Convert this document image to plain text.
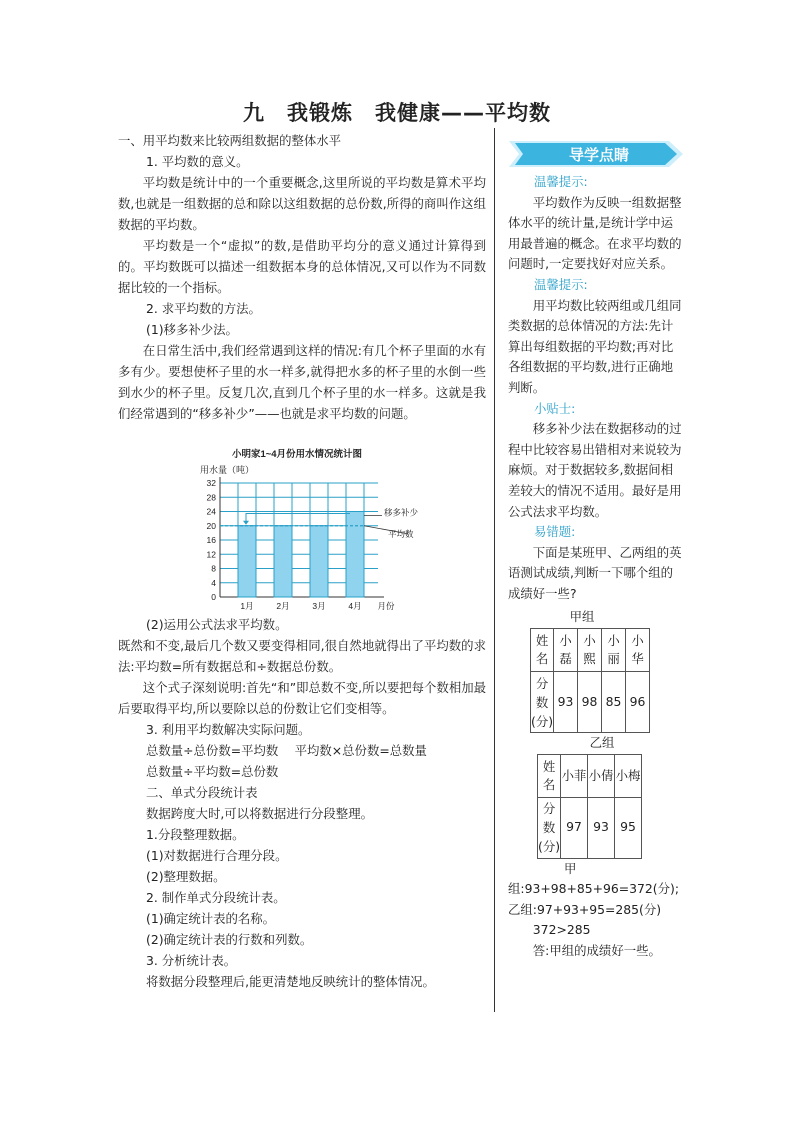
九　我锻炼　我健康——平均数

一、用平均数来比较两组数据的整体水平

1. 平均数的意义。

平均数是统计中的一个重要概念,这里所说的平均数是算术平均数,也就是一组数据的总和除以这组数据的总份数,所得的商叫作这组数据的平均数。

平均数是一个“虚拟”的数,是借助平均分的意义通过计算得到的。平均数既可以描述一组数据本身的总体情况,又可以作为不同数据比较的一个指标。

2. 求平均数的方法。

(1)移多补少法。

在日常生活中,我们经常遇到这样的情况:有几个杯子里面的水有多有少。要想使杯子里的水一样多,就得把水多的杯子里的水倒一些到水少的杯子里。反复几次,直到几个杯子里的水一样多。这就是我们经常遇到的“移多补少”——也就是求平均数的问题。

(2)运用公式法求平均数。

既然和不变,最后几个数又要变得相同,很自然地就得出了平均数的求法:平均数=所有数据总和÷数据总份数。

这个式子深刻说明:首先“和”即总数不变,所以要把每个数相加最后要取得平均,所以要除以总的份数让它们变相等。

3. 利用平均数解决实际问题。

总数量÷总份数=平均数　 平均数×总份数=总数量

总数量÷平均数=总份数

二、单式分段统计表

数据跨度大时,可以将数据进行分段整理。

1.分段整理数据。

(1)对数据进行合理分段。

(2)整理数据。

2. 制作单式分段统计表。

(1)确定统计表的名称。

(2)确定统计表的行数和列数。

3. 分析统计表。

将数据分段整理后,能更清楚地反映统计的整体情况。

小明家1~4月份用水情况统计图
用水量（吨）
0
4
8
12
16
20
24
28
32
1月	2月	3月	4月 月份
移多补少
平均数
导学点睛

温馨提示:

平均数作为反映一组数据整体水平的统计量,是统计学中运用最普遍的概念。在求平均数的问题时,一定要找好对应关系。

温馨提示:

用平均数比较两组或几组同类数据的总体情况的方法:先计算出每组数据的平均数;再对比各组数据的平均数,进行正确地判断。

小贴士:

移多补少法在数据移动的过程中比较容易出错相对来说较为麻烦。对于数据较多,数据间相差较大的情况不适用。最好是用公式法求平均数。

易错题:

下面是某班甲、乙两组的英语测试成绩,判断一下哪个组的成绩好一些?

甲组

姓名	小磊	小熙	小丽	小华
分数(分)	93	98	85	96

乙组

姓名	小菲	小倩	小梅
分数(分)	97	93	95

甲

组:93+98+85+96=372(分);

乙组:97+93+95=285(分)

372>285

答:甲组的成绩好一些。
